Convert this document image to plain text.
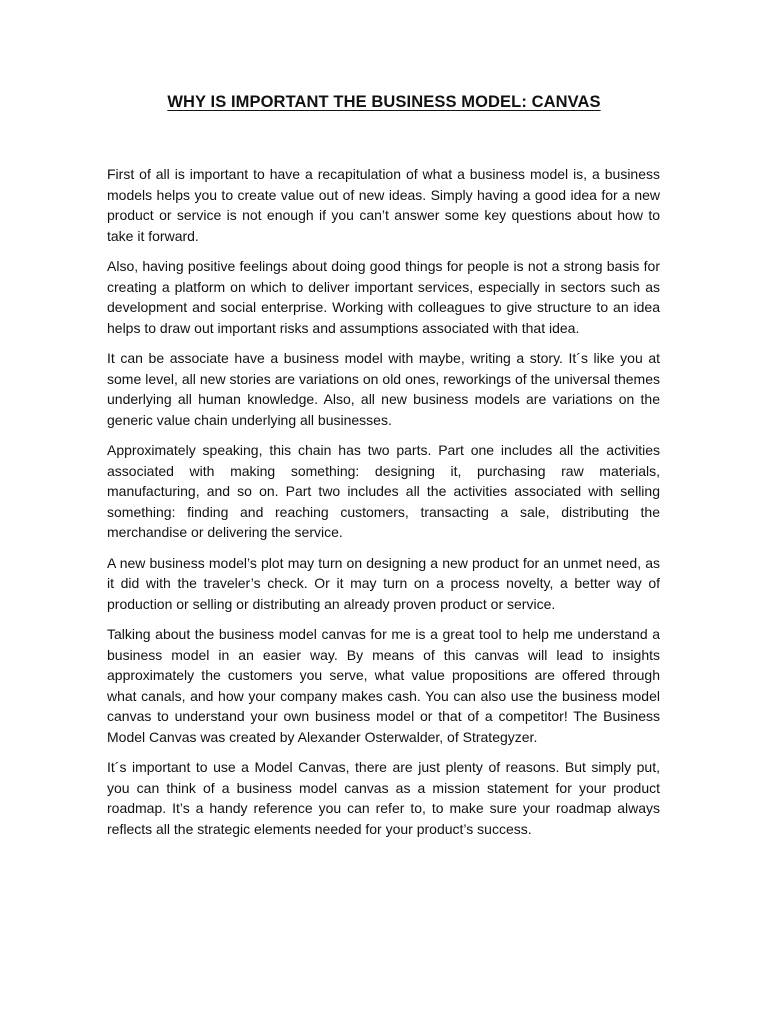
WHY IS IMPORTANT THE BUSINESS MODEL: CANVAS

First of all is important to have a recapitulation of what a business model is, a business models helps you to create value out of new ideas. Simply having a good idea for a new product or service is not enough if you can’t answer some key questions about how to take it forward.

Also, having positive feelings about doing good things for people is not a strong basis for creating a platform on which to deliver important services, especially in sectors such as development and social enterprise. Working with colleagues to give structure to an idea helps to draw out important risks and assumptions associated with that idea.

It can be associate have a business model with maybe, writing a story. It´s like you at some level, all new stories are variations on old ones, reworkings of the universal themes underlying all human knowledge. Also, all new business models are variations on the generic value chain underlying all businesses.

Approximately speaking, this chain has two parts. Part one includes all the activities associated with making something: designing it, purchasing raw materials, manufacturing, and so on. Part two includes all the activities associated with selling something: finding and reaching customers, transacting a sale, distributing the merchandise or delivering the service.

A new business model’s plot may turn on designing a new product for an unmet need, as it did with the traveler’s check. Or it may turn on a process novelty, a better way of production or selling or distributing an already proven product or service.

Talking about the business model canvas for me is a great tool to help me understand a business model in an easier way. By means of this canvas will lead to insights approximately the customers you serve, what value propositions are offered through what canals, and how your company makes cash. You can also use the business model canvas to understand your own business model or that of a competitor! The Business Model Canvas was created by Alexander Osterwalder, of Strategyzer.

It´s important to use a Model Canvas, there are just plenty of reasons. But simply put, you can think of a business model canvas as a mission statement for your product roadmap. It’s a handy reference you can refer to, to make sure your roadmap always reflects all the strategic elements needed for your product’s success.
